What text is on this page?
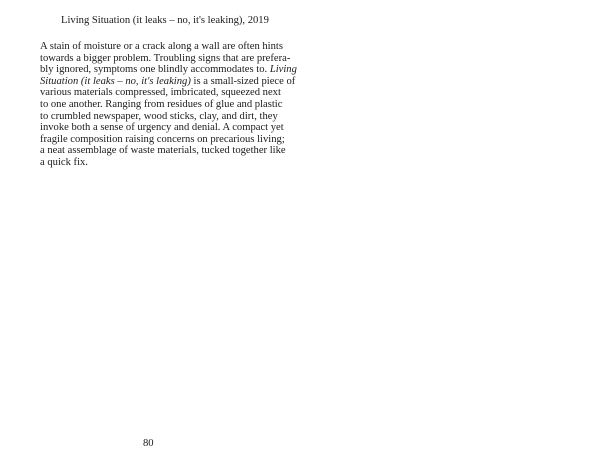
Living Situation (it leaks – no, it's leaking), 2019
A stain of moisture or a crack along a wall are often hints
towards a bigger problem. Troubling signs that are prefera-
bly ignored, symptoms one blindly accommodates to. Living
Situation (it leaks – no, it's leaking) is a small-sized piece of
various materials compressed, imbricated, squeezed next
to one another. Ranging from residues of glue and plastic
to crumbled newspaper, wood sticks, clay, and dirt, they
invoke both a sense of urgency and denial. A compact yet
fragile composition raising concerns on precarious living;
a neat assemblage of waste materials, tucked together like
a quick fix.
80
